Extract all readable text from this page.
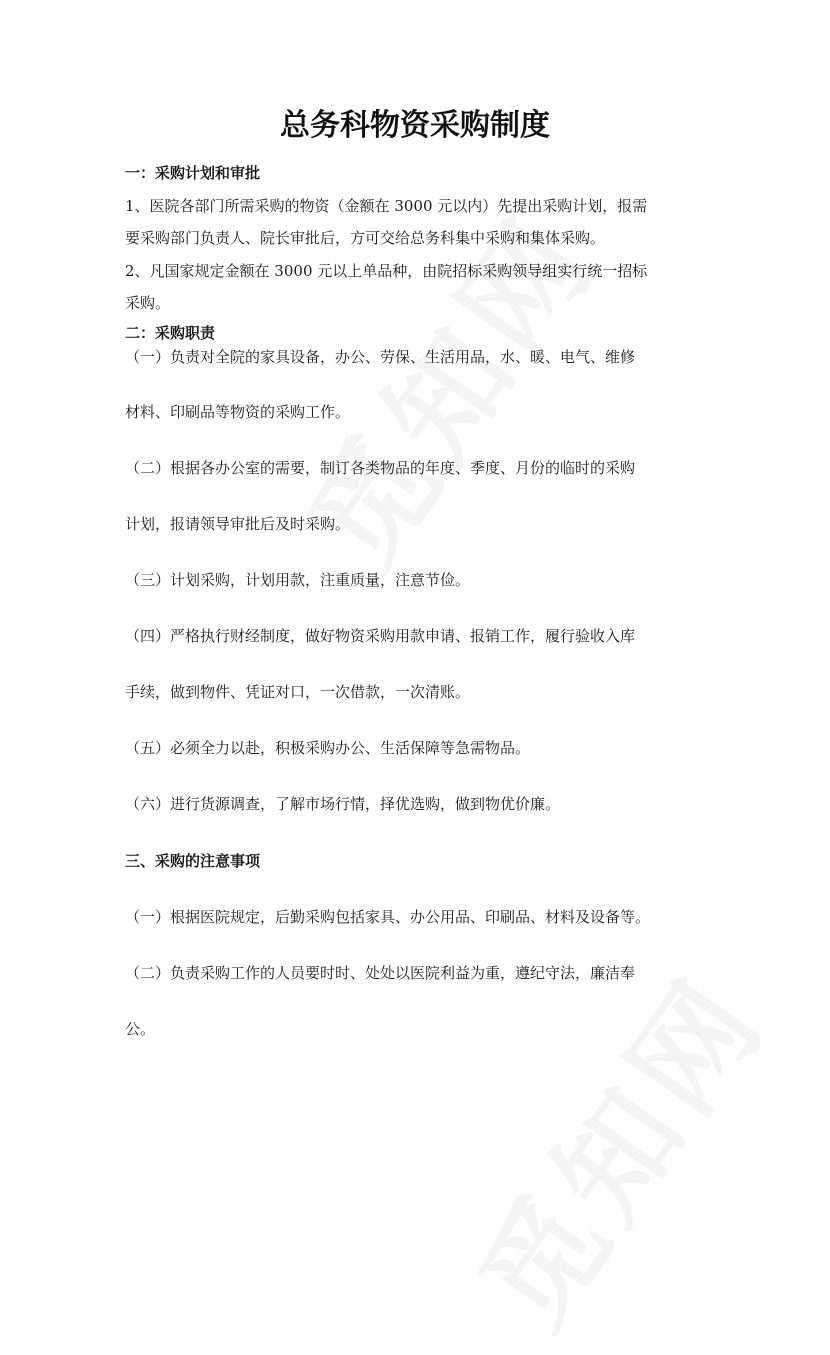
总务科物资采购制度
一：采购计划和审批
1、医院各部门所需采购的物资（金额在 3000 元以内）先提出采购计划，报需
要采购部门负责人、院长审批后，方可交给总务科集中采购和集体采购。
2、凡国家规定金额在 3000 元以上单品种，由院招标采购领导组实行统一招标
采购。
二：采购职责
（一）负责对全院的家具设备，办公、劳保、生活用品，水、暖、电气、维修
材料、印刷品等物资的采购工作。
（二）根据各办公室的需要，制订各类物品的年度、季度、月份的临时的采购
计划，报请领导审批后及时采购。
（三）计划采购，计划用款，注重质量，注意节俭。
（四）严格执行财经制度，做好物资采购用款申请、报销工作，履行验收入库
手续，做到物件、凭证对口，一次借款，一次清账。
（五）必须全力以赴，积极采购办公、生活保障等急需物品。
（六）进行货源调查，了解市场行情，择优选购，做到物优价廉。
三、采购的注意事项
（一）根据医院规定，后勤采购包括家具、办公用品、印刷品、材料及设备等。
（二）负责采购工作的人员要时时、处处以医院利益为重，遵纪守法，廉洁奉
公。
